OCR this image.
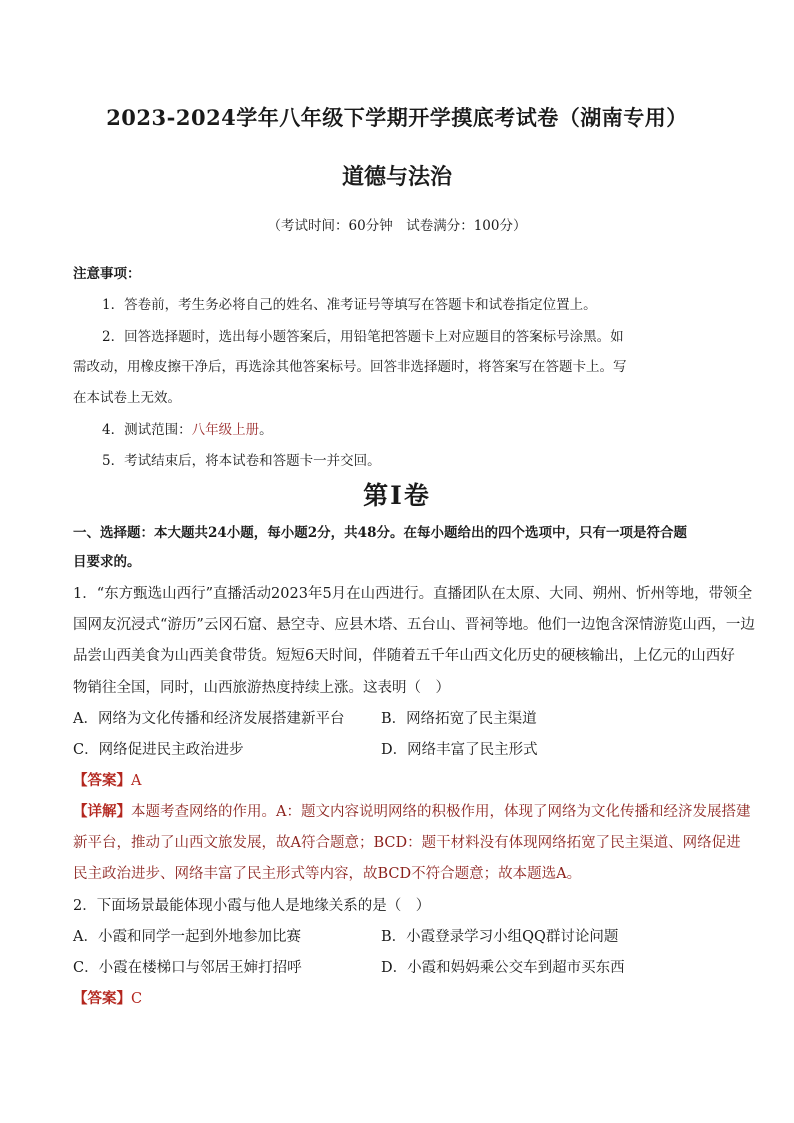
2023-2024学年八年级下学期开学摸底考试卷（湖南专用）
道德与法治
（考试时间：60分钟　试卷满分：100分）
注意事项：
1．答卷前，考生务必将自己的姓名、准考证号等填写在答题卡和试卷指定位置上。
2．回答选择题时，选出每小题答案后，用铅笔把答题卡上对应题目的答案标号涂黑。如
需改动，用橡皮擦干净后，再选涂其他答案标号。回答非选择题时，将答案写在答题卡上。写
在本试卷上无效。
4．测试范围：八年级上册。
5．考试结束后，将本试卷和答题卡一并交回。
第Ⅰ卷
一、选择题：本大题共24小题，每小题2分，共48分。在每小题给出的四个选项中，只有一项是符合题
目要求的。
1．“东方甄选山西行”直播活动2023年5月在山西进行。直播团队在太原、大同、朔州、忻州等地，带领全
国网友沉浸式“游历”云冈石窟、悬空寺、应县木塔、五台山、晋祠等地。他们一边饱含深情游览山西，一边
品尝山西美食为山西美食带货。短短6天时间，伴随着五千年山西文化历史的硬核输出，上亿元的山西好
物销往全国，同时，山西旅游热度持续上涨。这表明（　）
A．网络为文化传播和经济发展搭建新平台	B．网络拓宽了民主渠道
C．网络促进民主政治进步	D．网络丰富了民主形式
【答案】A
【详解】本题考查网络的作用。A：题文内容说明网络的积极作用，体现了网络为文化传播和经济发展搭建
新平台，推动了山西文旅发展，故A符合题意；BCD：题干材料没有体现网络拓宽了民主渠道、网络促进
民主政治进步、网络丰富了民主形式等内容，故BCD不符合题意；故本题选A。
2．下面场景最能体现小霞与他人是地缘关系的是（　）
A．小霞和同学一起到外地参加比赛	B．小霞登录学习小组QQ群讨论问题
C．小霞在楼梯口与邻居王婶打招呼	D．小霞和妈妈乘公交车到超市买东西
【答案】C
